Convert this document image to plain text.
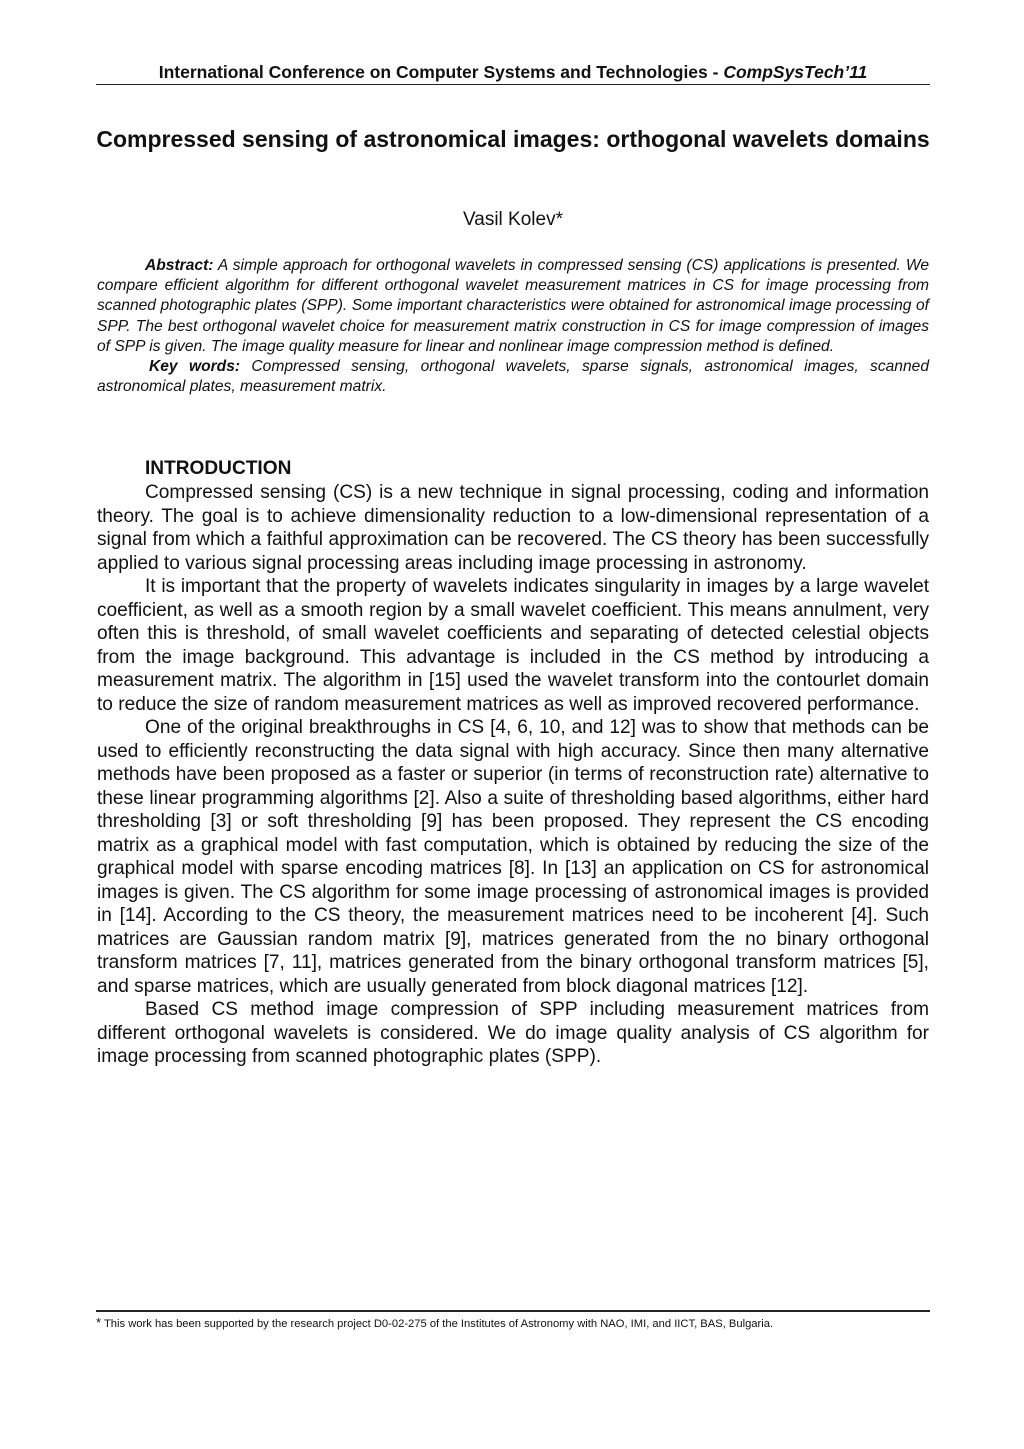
International Conference on Computer Systems and Technologies - CompSysTech’11
Compressed sensing of astronomical images: orthogonal wavelets domains
Vasil Kolev*

Abstract: A simple approach for orthogonal wavelets in compressed sensing (CS) applications is presented. We compare efficient algorithm for different orthogonal wavelet measurement matrices in CS for image processing from scanned photographic plates (SPP). Some important characteristics were obtained for astronomical image processing of SPP. The best orthogonal wavelet choice for measurement matrix construction in CS for image compression of images of SPP is given. The image quality measure for linear and nonlinear image compression method is defined.

Key words: Compressed sensing, orthogonal wavelets, sparse signals, astronomical images, scanned astronomical plates, measurement matrix.

INTRODUCTION

Compressed sensing (CS) is a new technique in signal processing, coding and information theory. The goal is to achieve dimensionality reduction to a low-dimensional representation of a signal from which a faithful approximation can be recovered. The CS theory has been successfully applied to various signal processing areas including image processing in astronomy.

It is important that the property of wavelets indicates singularity in images by a large wavelet coefficient, as well as a smooth region by a small wavelet coefficient. This means annulment, very often this is threshold, of small wavelet coefficients and separating of detected celestial objects from the image background. This advantage is included in the CS method by introducing a measurement matrix. The algorithm in [15] used the wavelet transform into the contourlet domain to reduce the size of random measurement matrices as well as improved recovered performance.

One of the original breakthroughs in CS [4, 6, 10, and 12] was to show that methods can be used to efficiently reconstructing the data signal with high accuracy. Since then many alternative methods have been proposed as a faster or superior (in terms of reconstruction rate) alternative to these linear programming algorithms [2]. Also a suite of thresholding based algorithms, either hard thresholding [3] or soft thresholding [9] has been proposed. They represent the CS encoding matrix as a graphical model with fast computation, which is obtained by reducing the size of the graphical model with sparse encoding matrices [8]. In [13] an application on CS for astronomical images is given. The CS algorithm for some image processing of astronomical images is provided in [14]. According to the CS theory, the measurement matrices need to be incoherent [4]. Such matrices are Gaussian random matrix [9], matrices generated from the no binary orthogonal transform matrices [7, 11], matrices generated from the binary orthogonal transform matrices [5], and sparse matrices, which are usually generated from block diagonal matrices [12].

Based CS method image compression of SPP including measurement matrices from different orthogonal wavelets is considered. We do image quality analysis of CS algorithm for image processing from scanned photographic plates (SPP).

* This work has been supported by the research project D0-02-275 of the Institutes of Astronomy with NAO, IMI, and IICT, BAS, Bulgaria.
